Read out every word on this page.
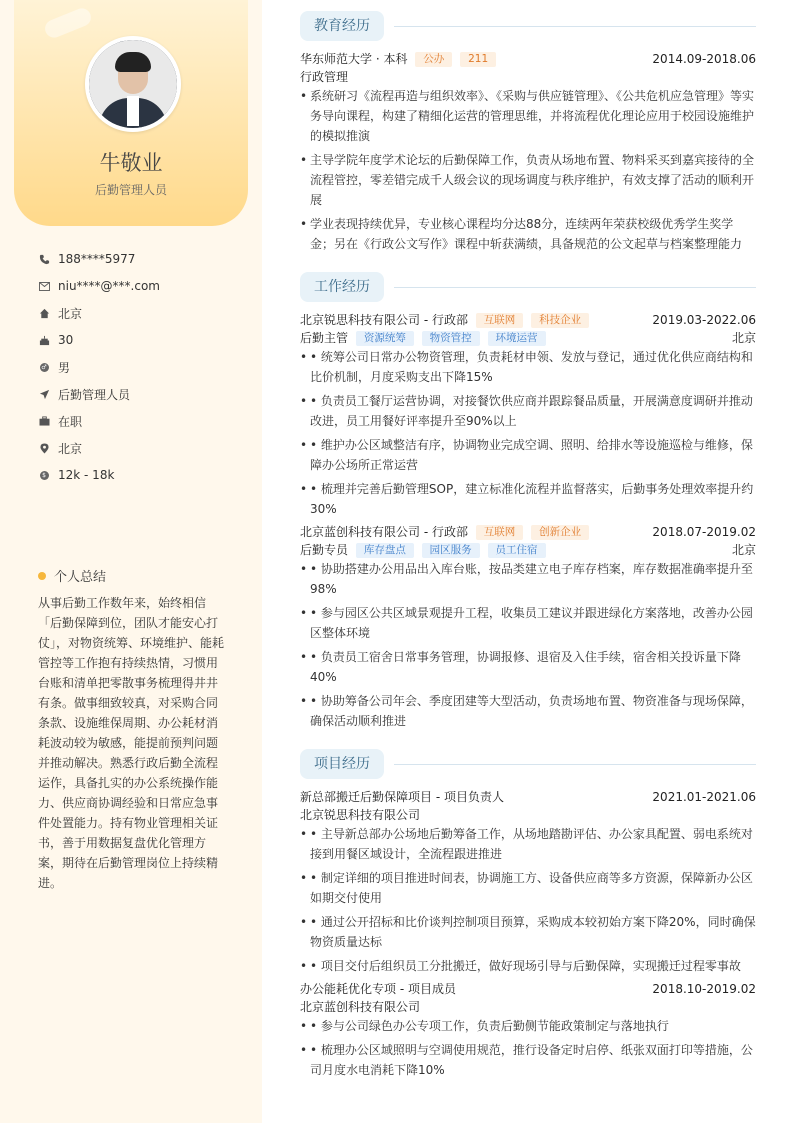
牛敬业
后勤管理人员
188****5977
niu****@***.com
北京
30
♂ 男
后勤管理人员
在职
北京
$ 12k - 18k
个人总结
从事后勤工作数年来，始终相信「后勤保障到位，团队才能安心打仗」，对物资统筹、环境维护、能耗管控等工作抱有持续热情，习惯用台账和清单把零散事务梳理得井井有条。做事细致较真，对采购合同条款、设施维保周期、办公耗材消耗波动较为敏感，能提前预判问题并推动解决。熟悉行政后勤全流程运作，具备扎实的办公系统操作能力、供应商协调经验和日常应急事件处置能力。持有物业管理相关证书，善于用数据复盘优化管理方案，期待在后勤管理岗位上持续精进。
教育经历
华东师范大学 · 本科 公办 211	2014.09-2018.06
行政管理
• 系统研习《流程再造与组织效率》、《采购与供应链管理》、《公共危机应急管理》等实务导向课程，构建了精细化运营的管理思维，并将流程优化理论应用于校园设施维护的模拟推演
• 主导学院年度学术论坛的后勤保障工作，负责从场地布置、物料采买到嘉宾接待的全流程管控，零差错完成千人级会议的现场调度与秩序维护，有效支撑了活动的顺利开展
• 学业表现持续优异，专业核心课程均分达88分，连续两年荣获校级优秀学生奖学金；另在《行政公文写作》课程中斩获满绩，具备规范的公文起草与档案整理能力
工作经历
北京锐思科技有限公司 - 行政部 互联网 科技企业	2019.03-2022.06
后勤主管 资源统筹 物资管控 环境运营	北京
• • 统筹公司日常办公物资管理，负责耗材申领、发放与登记，通过优化供应商结构和比价机制，月度采购支出下降15%
• • 负责员工餐厅运营协调，对接餐饮供应商并跟踪餐品质量，开展满意度调研并推动改进，员工用餐好评率提升至90%以上
• • 维护办公区域整洁有序，协调物业完成空调、照明、给排水等设施巡检与维修，保障办公场所正常运营
• • 梳理并完善后勤管理SOP，建立标准化流程并监督落实，后勤事务处理效率提升约30%
北京蓝创科技有限公司 - 行政部 互联网 创新企业	2018.07-2019.02
后勤专员 库存盘点 园区服务 员工住宿	北京
• • 协助搭建办公用品出入库台账，按品类建立电子库存档案，库存数据准确率提升至98%
• • 参与园区公共区域景观提升工程，收集员工建议并跟进绿化方案落地，改善办公园区整体环境
• • 负责员工宿舍日常事务管理，协调报修、退宿及入住手续，宿舍相关投诉量下降40%
• • 协助筹备公司年会、季度团建等大型活动，负责场地布置、物资准备与现场保障，确保活动顺利推进
项目经历
新总部搬迁后勤保障项目 - 项目负责人	2021.01-2021.06
北京锐思科技有限公司
• • 主导新总部办公场地后勤筹备工作，从场地踏勘评估、办公家具配置、弱电系统对接到用餐区域设计，全流程跟进推进
• • 制定详细的项目推进时间表，协调施工方、设备供应商等多方资源，保障新办公区如期交付使用
• • 通过公开招标和比价谈判控制项目预算，采购成本较初始方案下降20%，同时确保物资质量达标
• • 项目交付后组织员工分批搬迁，做好现场引导与后勤保障，实现搬迁过程零事故
办公能耗优化专项 - 项目成员	2018.10-2019.02
北京蓝创科技有限公司
• • 参与公司绿色办公专项工作，负责后勤侧节能政策制定与落地执行
• • 梳理办公区域照明与空调使用规范，推行设备定时启停、纸张双面打印等措施，公司月度水电消耗下降10%
